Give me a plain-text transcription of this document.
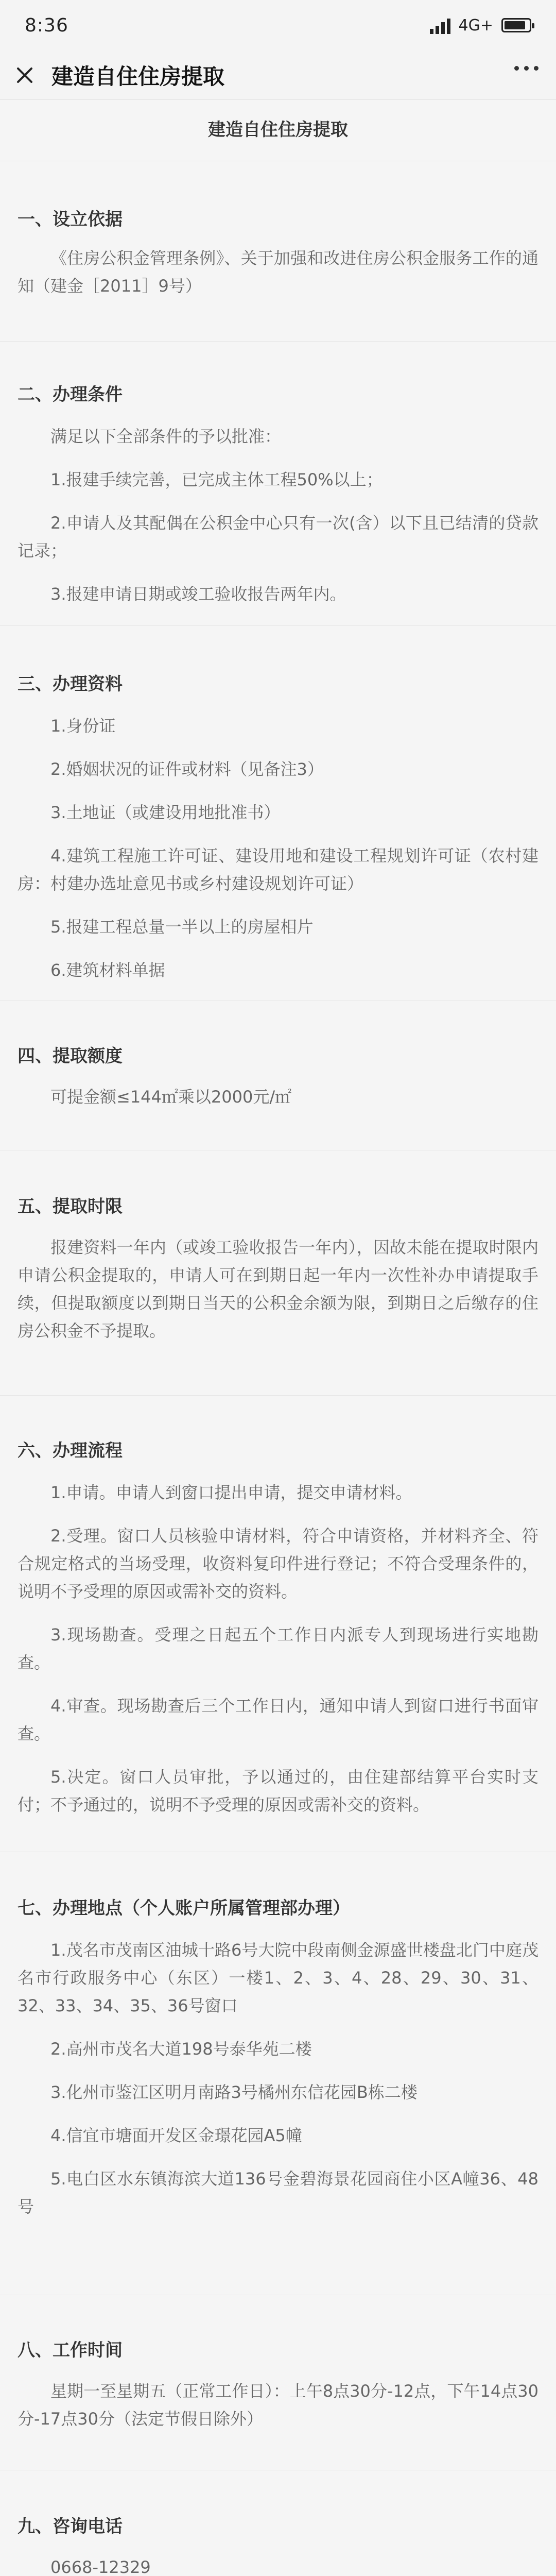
8:36	4G+
建造自住住房提取
建造自住住房提取
一、设立依据

《住房公积金管理条例》、关于加强和改进住房公积金服务工作的通知（建金［2011］9号）

二、办理条件

满足以下全部条件的予以批准：

1.报建手续完善，已完成主体工程50%以上；

2.申请人及其配偶在公积金中心只有一次(含）以下且已结清的贷款记录；

3.报建申请日期或竣工验收报告两年内。

三、办理资料

1.身份证

2.婚姻状况的证件或材料（见备注3）

3.土地证（或建设用地批准书）

4.建筑工程施工许可证、建设用地和建设工程规划许可证（农村建房：村建办选址意见书或乡村建设规划许可证）

5.报建工程总量一半以上的房屋相片

6.建筑材料单据

四、提取额度

可提金额≤144㎡乘以2000元/㎡

五、提取时限

报建资料一年内（或竣工验收报告一年内），因故未能在提取时限内申请公积金提取的，申请人可在到期日起一年内一次性补办申请提取手续，但提取额度以到期日当天的公积金余额为限，到期日之后缴存的住房公积金不予提取。

六、办理流程

1.申请。申请人到窗口提出申请，提交申请材料。

2.受理。窗口人员核验申请材料，符合申请资格，并材料齐全、符合规定格式的当场受理，收资料复印件进行登记；不符合受理条件的，说明不予受理的原因或需补交的资料。

3.现场勘查。受理之日起五个工作日内派专人到现场进行实地勘查。

4.审查。现场勘查后三个工作日内，通知申请人到窗口进行书面审查。

5.决定。窗口人员审批，予以通过的，由住建部结算平台实时支付；不予通过的，说明不予受理的原因或需补交的资料。

七、办理地点（个人账户所属管理部办理）

1.茂名市茂南区油城十路6号大院中段南侧金源盛世楼盘北门中庭茂名市行政服务中心（东区）一楼1、2、3、4、28、29、30、31、32、33、34、35、36号窗口

2.高州市茂名大道198号泰华苑二楼

3.化州市鉴江区明月南路3号橘州东信花园B栋二楼

4.信宜市塘面开发区金璟花园A5幢

5.电白区水东镇海滨大道136号金碧海景花园商住小区A幢36、48号

八、工作时间

星期一至星期五（正常工作日）：上午8点30分-12点，下午14点30分-17点30分（法定节假日除外）

九、咨询电话

0668-12329
